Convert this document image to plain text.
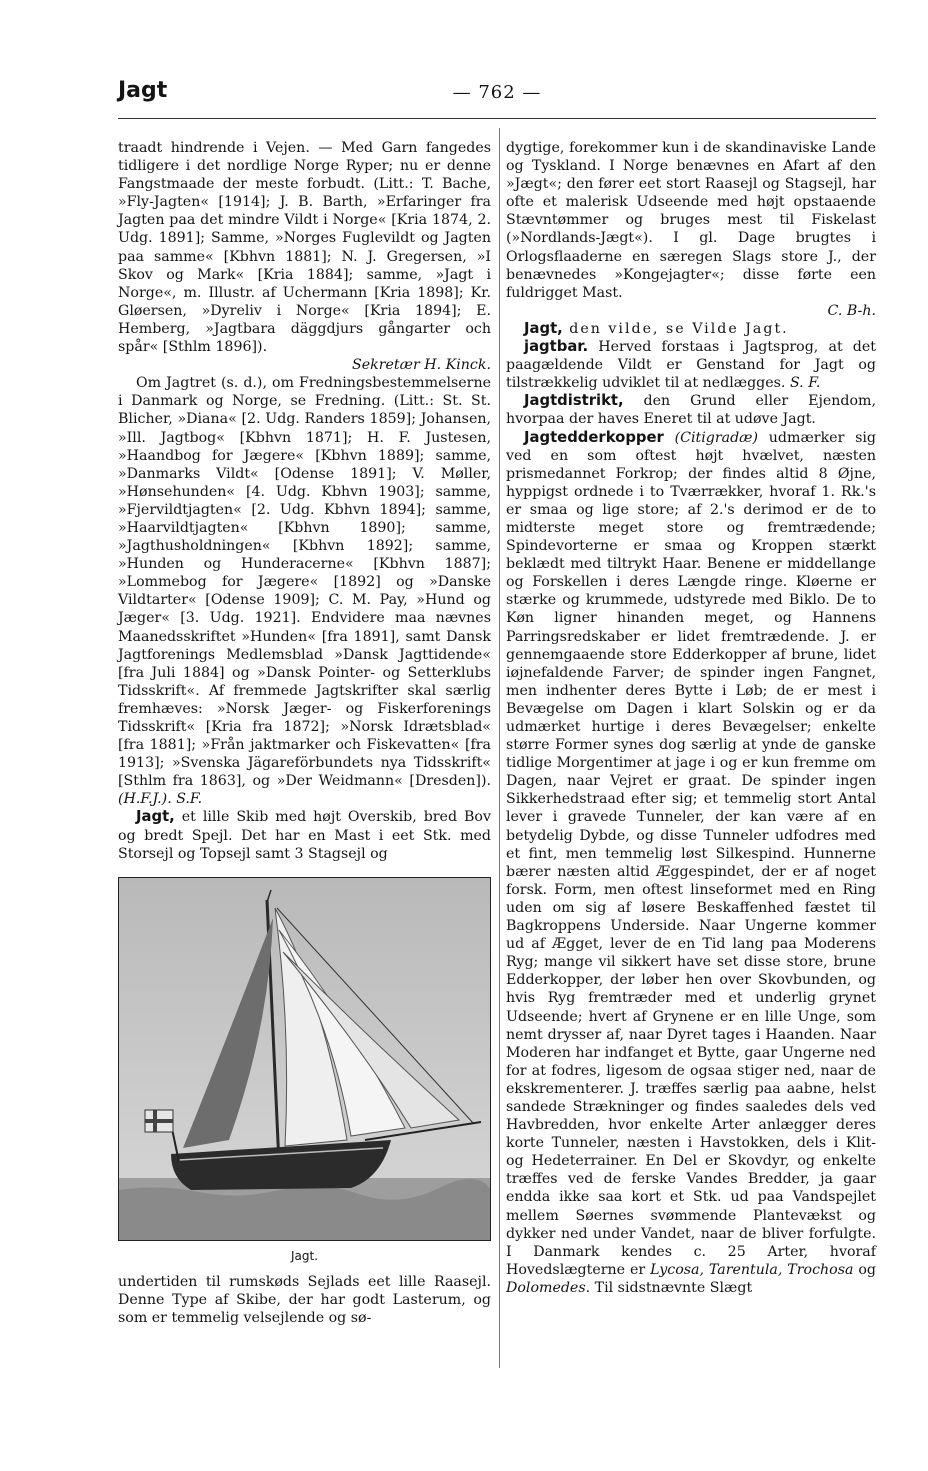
Jagt	— 762 —

traadt hindrende i Vejen. — Med Garn fangedes tidligere i det nordlige Norge Ryper; nu er denne Fangstmaade der meste forbudt. (Litt.: T. Bache, »Fly-Jagten« [1914]; J. B. Barth, »Erfaringer fra Jagten paa det mindre Vildt i Norge« [Kria 1874, 2. Udg. 1891]; Samme, »Norges Fuglevildt og Jagten paa samme« [Kbhvn 1881]; N. J. Gregersen, »I Skov og Mark« [Kria 1884]; samme, »Jagt i Norge«, m. Illustr. af Uchermann [Kria 1898]; Kr. Gløersen, »Dyreliv i Norge« [Kria 1894]; E. Hemberg, »Jagtbara däggdjurs gångarter och spår« [Sthlm 1896]).

Sekretær H. Kinck.

Om Jagtret (s. d.), om Fredningsbestemmelserne i Danmark og Norge, se Fredning. (Litt.: St. St. Blicher, »Diana« [2. Udg. Randers 1859]; Johansen, »Ill. Jagtbog« [Kbhvn 1871]; H. F. Justesen, »Haandbog for Jægere« [Kbhvn 1889]; samme, »Danmarks Vildt« [Odense 1891]; V. Møller, »Hønsehunden« [4. Udg. Kbhvn 1903]; samme, »Fjervildtjagten« [2. Udg. Kbhvn 1894]; samme, »Haarvildtjagten« [Kbhvn 1890]; samme, »Jagthusholdningen« [Kbhvn 1892]; samme, »Hunden og Hunderacerne« [Kbhvn 1887]; »Lommebog for Jægere« [1892] og »Danske Vildtarter« [Odense 1909]; C. M. Pay, »Hund og Jæger« [3. Udg. 1921]. Endvidere maa nævnes Maanedsskriftet »Hunden« [fra 1891], samt Dansk Jagtforenings Medlemsblad »Dansk Jagttidende« [fra Juli 1884] og »Dansk Pointer- og Setterklubs Tidsskrift«. Af fremmede Jagtskrifter skal særlig fremhæves: »Norsk Jæger- og Fiskerforenings Tidsskrift« [Kria fra 1872]; »Norsk Idrætsblad« [fra 1881]; »Från jaktmarker och Fiskevatten« [fra 1913]; »Svenska Jägareförbundets nya Tidsskrift« [Sthlm fra 1863], og »Der Weidmann« [Dresden]). (H.F.J.). S.F.

Jagt, et lille Skib med højt Overskib, bred Bov og bredt Spejl. Det har en Mast i eet Stk. med Storsejl og Topsejl samt 3 Stagsejl og

Jagt.

undertiden til rumskøds Sejlads eet lille Raasejl. Denne Type af Skibe, der har godt Lasterum, og som er temmelig velsejlende og sø-

dygtige, forekommer kun i de skandinaviske Lande og Tyskland. I Norge benævnes en Afart af den »Jægt«; den fører eet stort Raasejl og Stagsejl, har ofte et malerisk Udseende med højt opstaaende Stævntømmer og bruges mest til Fiskelast (»Nordlands-Jægt«). I gl. Dage brugtes i Orlogsflaaderne en særegen Slags store J., der benævnedes »Kongejagter«; disse førte een fuldrigget Mast.

C. B-h.

Jagt, den vilde, se Vilde Jagt.

jagtbar. Herved forstaas i Jagtsprog, at det paagældende Vildt er Genstand for Jagt og tilstrækkelig udviklet til at nedlægges. S. F.

Jagtdistrikt, den Grund eller Ejendom, hvorpaa der haves Eneret til at udøve Jagt.

Jagtedderkopper (Citigradæ) udmærker sig ved en som oftest højt hvælvet, næsten prismedannet Forkrop; der findes altid 8 Øjne, hyppigst ordnede i to Tværrækker, hvoraf 1. Rk.'s er smaa og lige store; af 2.'s derimod er de to midterste meget store og fremtrædende; Spindevorterne er smaa og Kroppen stærkt beklædt med tiltrykt Haar. Benene er middellange og Forskellen i deres Længde ringe. Kløerne er stærke og krummede, udstyrede med Biklo. De to Køn ligner hinanden meget, og Hannens Parringsredskaber er lidet fremtrædende. J. er gennemgaaende store Edderkopper af brune, lidet iøjnefaldende Farver; de spinder ingen Fangnet, men indhenter deres Bytte i Løb; de er mest i Bevægelse om Dagen i klart Solskin og er da udmærket hurtige i deres Bevægelser; enkelte større Former synes dog særlig at ynde de ganske tidlige Morgentimer at jage i og er kun fremme om Dagen, naar Vejret er graat. De spinder ingen Sikkerhedstraad efter sig; et temmelig stort Antal lever i gravede Tunneler, der kan være af en betydelig Dybde, og disse Tunneler udfodres med et fint, men temmelig løst Silkespind. Hunnerne bærer næsten altid Æggespindet, der er af noget forsk. Form, men oftest linseformet med en Ring uden om sig af løsere Beskaffenhed fæstet til Bagkroppens Underside. Naar Ungerne kommer ud af Ægget, lever de en Tid lang paa Moderens Ryg; mange vil sikkert have set disse store, brune Edderkopper, der løber hen over Skovbunden, og hvis Ryg fremtræder med et underlig grynet Udseende; hvert af Grynene er en lille Unge, som nemt drysser af, naar Dyret tages i Haanden. Naar Moderen har indfanget et Bytte, gaar Ungerne ned for at fodres, ligesom de ogsaa stiger ned, naar de ekskrementerer. J. træffes særlig paa aabne, helst sandede Strækninger og findes saaledes dels ved Havbredden, hvor enkelte Arter anlægger deres korte Tunneler, næsten i Havstokken, dels i Klit- og Hedeterrainer. En Del er Skovdyr, og enkelte træffes ved de ferske Vandes Bredder, ja gaar endda ikke saa kort et Stk. ud paa Vandspejlet mellem Søernes svømmende Plantevækst og dykker ned under Vandet, naar de bliver forfulgte. I Danmark kendes c. 25 Arter, hvoraf Hovedslægterne er Lycosa, Tarentula, Trochosa og Dolomedes. Til sidstnævnte Slægt
